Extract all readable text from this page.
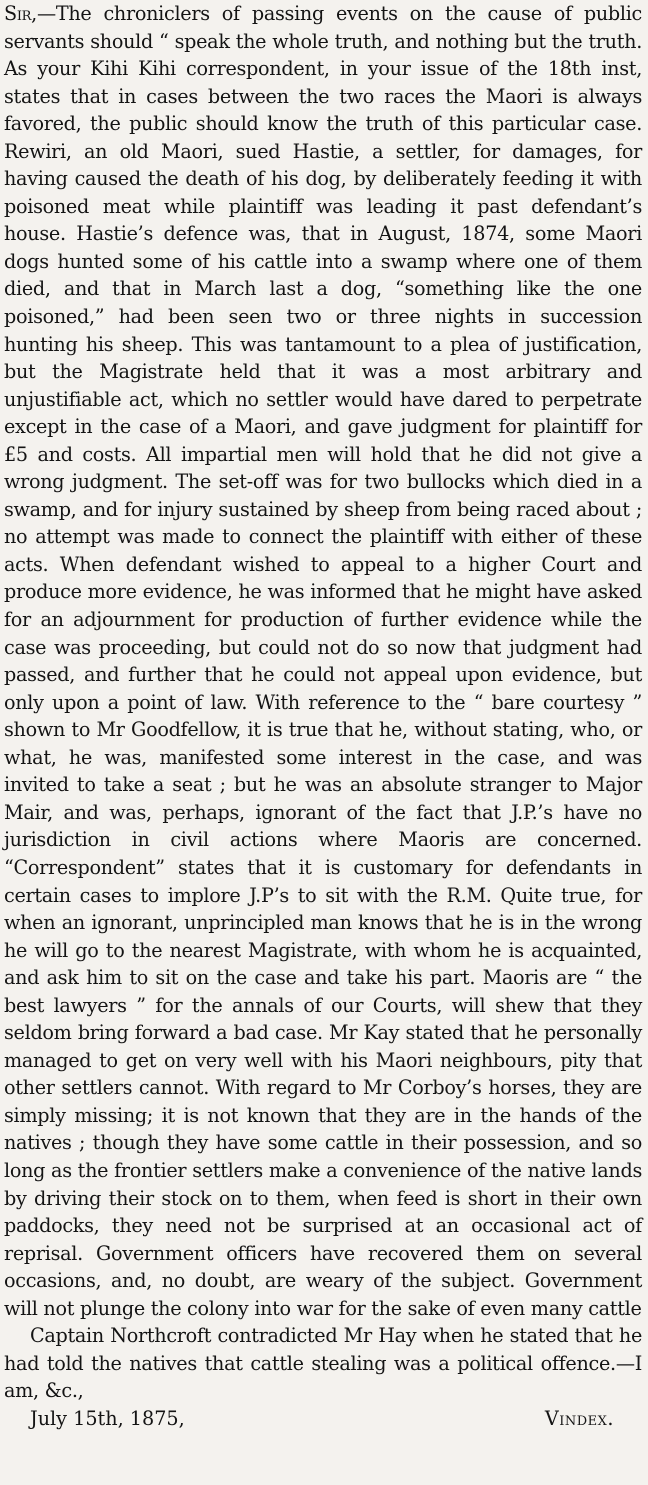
Sir,—The chroniclers of passing events on the cause of public servants should “ speak the whole truth, and nothing but the truth. As your Kihi Kihi correspondent, in your issue of the 18th inst, states that in cases between the two races the Maori is always favored, the public should know the truth of this particular case. Rewiri, an old Maori, sued Hastie, a settler, for damages, for having caused the death of his dog, by deliberately feeding it with poisoned meat while plaintiff was leading it past defendant’s house. Hastie’s defence was, that in August, 1874, some Maori dogs hunted some of his cattle into a swamp where one of them died, and that in March last a dog, “something like the one poisoned,” had been seen two or three nights in succession hunting his sheep. This was tantamount to a plea of justification, but the Magistrate held that it was a most arbitrary and unjustifiable act, which no settler would have dared to perpetrate except in the case of a Maori, and gave judgment for plaintiff for £5 and costs. All impartial men will hold that he did not give a wrong judgment. The set-off was for two bullocks which died in a swamp, and for injury sustained by sheep from being raced about ; no attempt was made to connect the plaintiff with either of these acts. When defendant wished to appeal to a higher Court and produce more evidence, he was informed that he might have asked for an adjournment for production of further evidence while the case was proceeding, but could not do so now that judgment had passed, and further that he could not appeal upon evidence, but only upon a point of law. With reference to the “ bare courtesy ” shown to Mr Goodfellow, it is true that he, without stating, who, or what, he was, manifested some interest in the case, and was invited to take a seat ; but he was an absolute stranger to Major Mair, and was, perhaps, ignorant of the fact that J.P.’s have no jurisdiction in civil actions where Maoris are concerned. “Correspondent” states that it is customary for defendants in certain cases to implore J.P’s to sit with the R.M. Quite true, for when an ignorant, unprincipled man knows that he is in the wrong he will go to the nearest Magistrate, with whom he is acquainted, and ask him to sit on the case and take his part. Maoris are “ the best lawyers ” for the annals of our Courts, will shew that they seldom bring forward a bad case. Mr Kay stated that he personally managed to get on very well with his Maori neighbours, pity that other settlers cannot. With regard to Mr Corboy’s horses, they are simply missing; it is not known that they are in the hands of the natives ; though they have some cattle in their possession, and so long as the frontier settlers make a convenience of the native lands by driving their stock on to them, when feed is short in their own paddocks, they need not be surprised at an occasional act of reprisal. Government officers have recovered them on several occasions, and, no doubt, are weary of the subject. Government will not plunge the colony into war for the sake of even many cattle

Captain Northcroft contradicted Mr Hay when he stated that he had told the natives that cattle stealing was a political offence.—I am, &c.,

July 15th, 1875,	Vindex.
